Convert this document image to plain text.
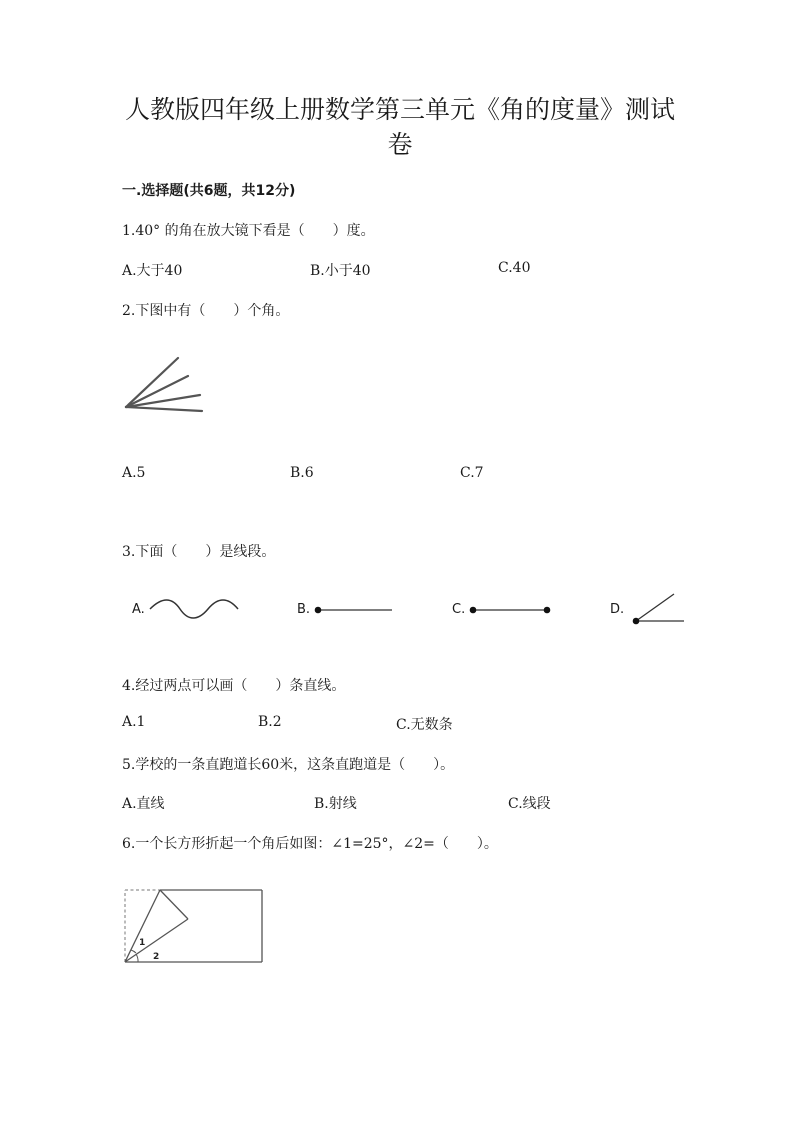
人教版四年级上册数学第三单元《角的度量》测试
卷
一.选择题(共6题，共12分)
1.40° 的角在放大镜下看是（　　）度。
A.大于40	B.小于40	C.40
2.下图中有（　　）个角。
A.5	B.6	C.7
3.下面（　　）是线段。
A.	B.	C.	D.
4.经过两点可以画（　　）条直线。
A.1	B.2	C.无数条
5.学校的一条直跑道长60米，这条直跑道是（　　）。
A.直线	B.射线	C.线段
6.一个长方形折起一个角后如图：∠1=25°，∠2=（　　）。
1
2
